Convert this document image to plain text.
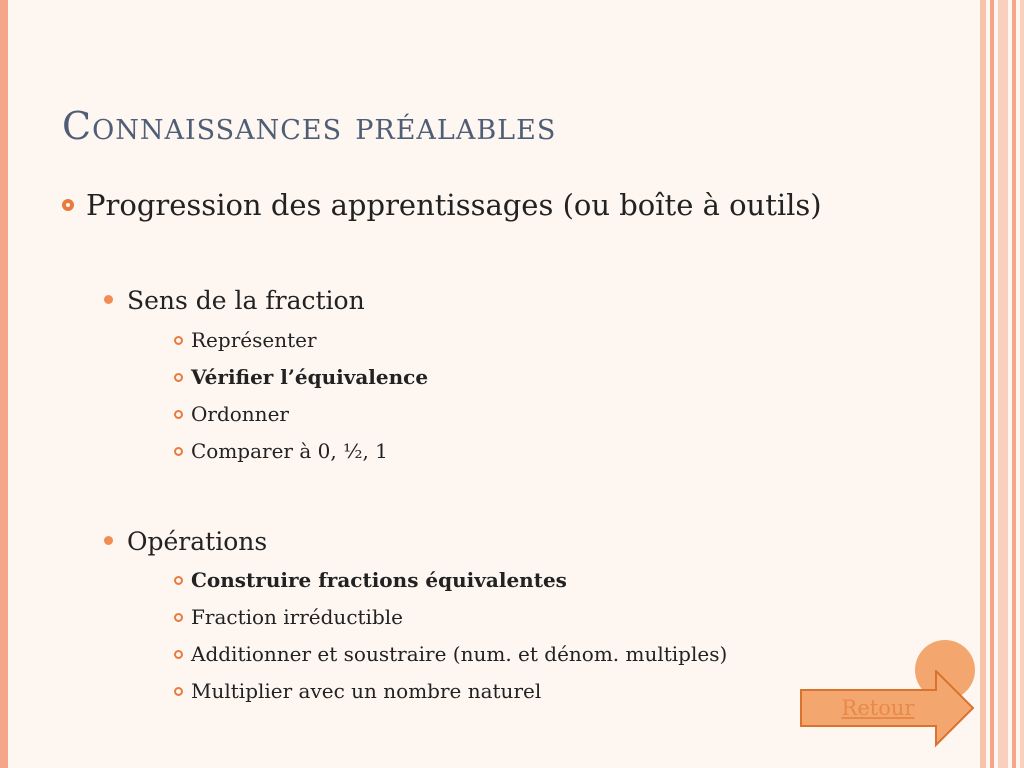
Connaissances préalables
Progression des apprentissages (ou boîte à outils)
Sens de la fraction
Représenter
Vérifier l’équivalence
Ordonner
Comparer à 0, ½, 1
Opérations
Construire fractions équivalentes
Fraction irréductible
Additionner et soustraire (num. et dénom. multiples)
Multiplier avec un nombre naturel
Retour
